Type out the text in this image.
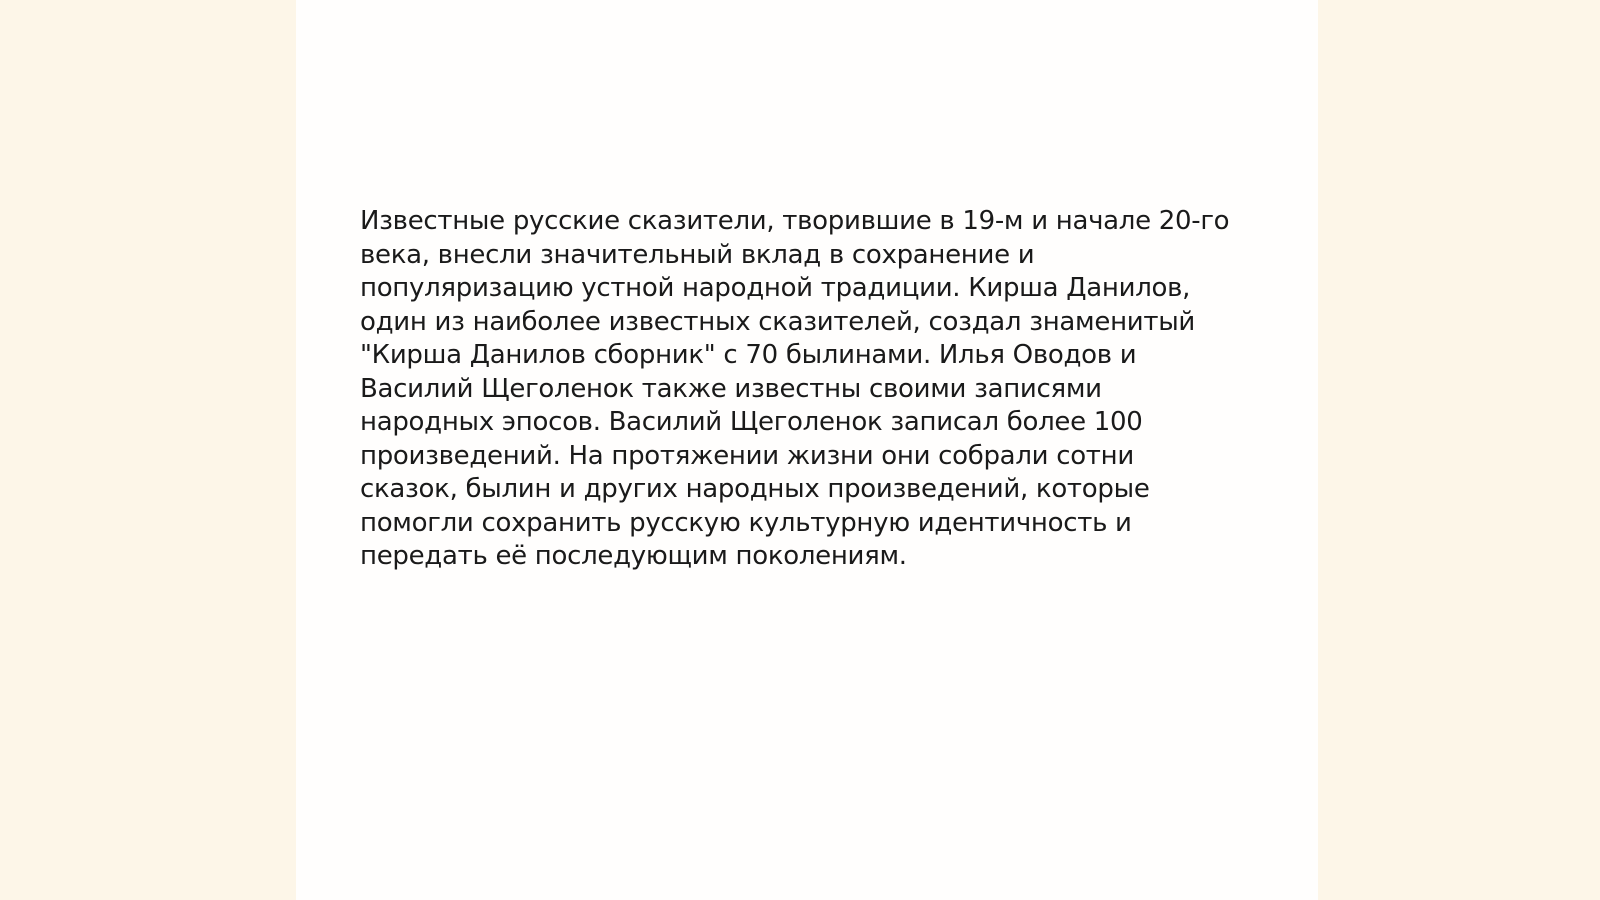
Известные русские сказители, творившие в 19-м и начале 20-го
века, внесли значительный вклад в сохранение и
популяризацию устной народной традиции. Кирша Данилов,
один из наиболее известных сказителей, создал знаменитый
"Кирша Данилов сборник" с 70 былинами. Илья Оводов и
Василий Щеголенок также известны своими записями
народных эпосов. Василий Щеголенок записал более 100
произведений. На протяжении жизни они собрали сотни
сказок, былин и других народных произведений, которые
помогли сохранить русскую культурную идентичность и
передать её последующим поколениям.
